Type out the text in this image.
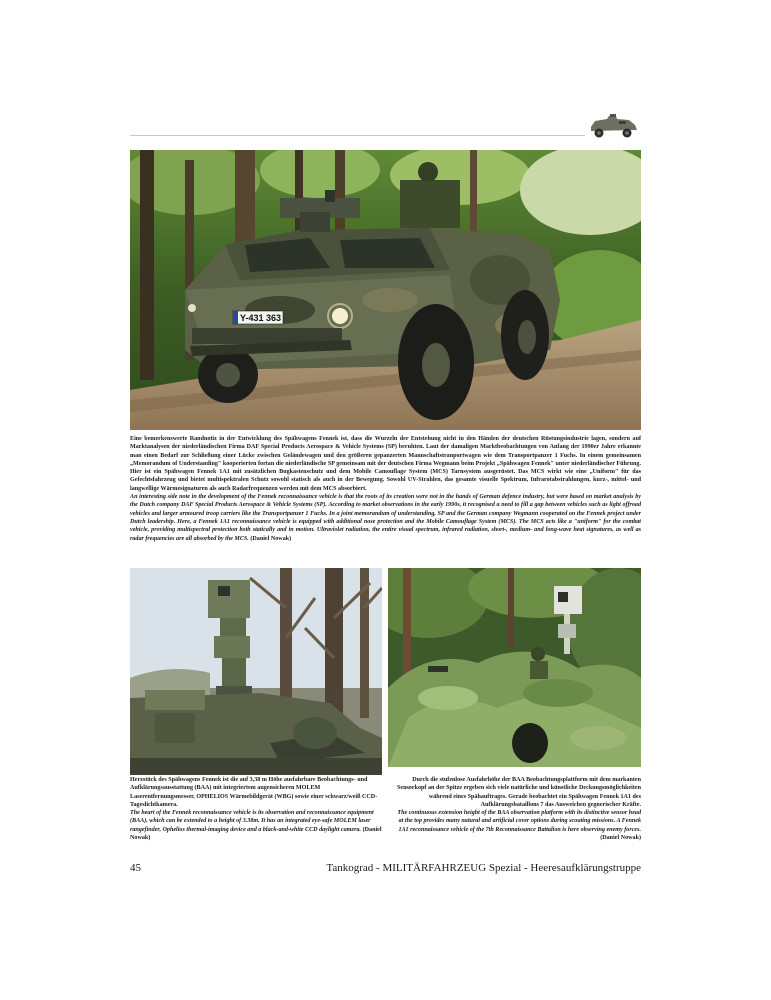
Y-431 363

Eine bemerkenswerte Randnotiz in der Entwicklung des Spähwagens Fennek ist, dass die Wurzeln der Entstehung nicht in den Händen der deutschen Rüstungsindustrie lagen, sondern auf Marktanalysen der niederländischen Firma DAF Special Products Aerospace & Vehicle Systems (SP) beruhten. Laut der damaligen Marktbeobachtungen von Anfang der 1990er Jahre erkannte man einen Bedarf zur Schließung einer Lücke zwischen Geländewagen und den größeren gepanzerten Mannschaftstranportwagen wie dem Transportpanzer 1 Fuchs. In einem gemeinsamen „Memorandum of Understanding" kooperierten fortan die niederländische SP gemeinsam mit der deutschen Firma Wegmann beim Projekt „Spähwagen Fennek" unter niederländischer Führung. Hier ist ein Spähwagen Fennek 1A1 mit zusätzlichen Bugkastenschutz und dem Mobile Camouflage System (MCS) Tarnsystem ausgerüstet. Das MCS wirkt wie eine „Uniform" für das Gefechtsfahrzeug und bietet multispektralen Schutz sowohl statisch als auch in der Bewegung. Sowohl UV-Strahlen, das gesamte visuelle Spektrum, Infrarotabstrahlungen, kurz-, mittel- und langwellige Wärmesignaturen als auch Radarfrequenzen werden mit dem MCS absorbiert.

An interesting side note in the development of the Fennek reconnaissance vehicle is that the roots of its creation were not in the hands of German defence industry, but were based on market analysis by the Dutch company DAF Special Products Aerospace & Vehicle Systems (SP). According to market observations in the early 1990s, it recognised a need to fill a gap between vehicles such as light offroad vehicles and larger armoured troop carriers like the Transportpanzer 1 Fuchs. In a joint memorandum of understanding, SP and the German company Wegmann cooperated on the Fennek project under Dutch leadership. Here, a Fennek 1A1 reconnaissance vehicle is equipped with additional nose protection and the Mobile Camouflage System (MCS). The MCS acts like a "uniform" for the combat vehicle, providing multispectral protection both statically and in motion. Ultraviolet radiation, the entire visual spectrum, infrared radiation, short-, medium- and long-wave heat signatures, as well as radar frequencies are all absorbed by the MCS. (Daniel Nowak)

Herzstück des Spähwagens Fennek ist die auf 3,38 m Höhe ausfahrbare Beobachtungs- und Aufklärungsausstattung (BAA) mit integriertem augensicheren MOLEM Laserentfernungsmesser, OPHELIOS Wärmebildgerät (WBG) sowie einer schwarz/weiß CCD-Tageslichtkamera.

The heart of the Fennek reconnaissance vehicle is its observation and reconnaissance equipment (BAA), which can be extended to a height of 3.38m. It has an integrated eye-safe MOLEM laser rangefinder, Ophelios thermal-imaging device and a black-and-white CCD daylight camera. (Daniel Nowak)

Durch die stufenlose Ausfahrhöhe der BAA Beobachtungsplattform mit dem markanten Sensorkopf an der Spitze ergeben sich viele natürliche und künstliche Deckungsmöglichkeiten während eines Spähauftrages. Gerade beobachtet ein Spähwagen Fennek 1A1 des Aufklärungsbataillons 7 das Ausweichen gegnerischer Kräfte.

The continuous extension height of the BAA observation platform with its distinctive sensor head at the top provides many natural and artificial cover options during scouting missions. A Fennek 1A1 reconnaissance vehicle of the 7th Reconnaissance Battalion is here observing enemy forces. (Daniel Nowak)

45	Tankograd - MILITÄRFAHRZEUG Spezial - Heeresaufklärungstruppe
